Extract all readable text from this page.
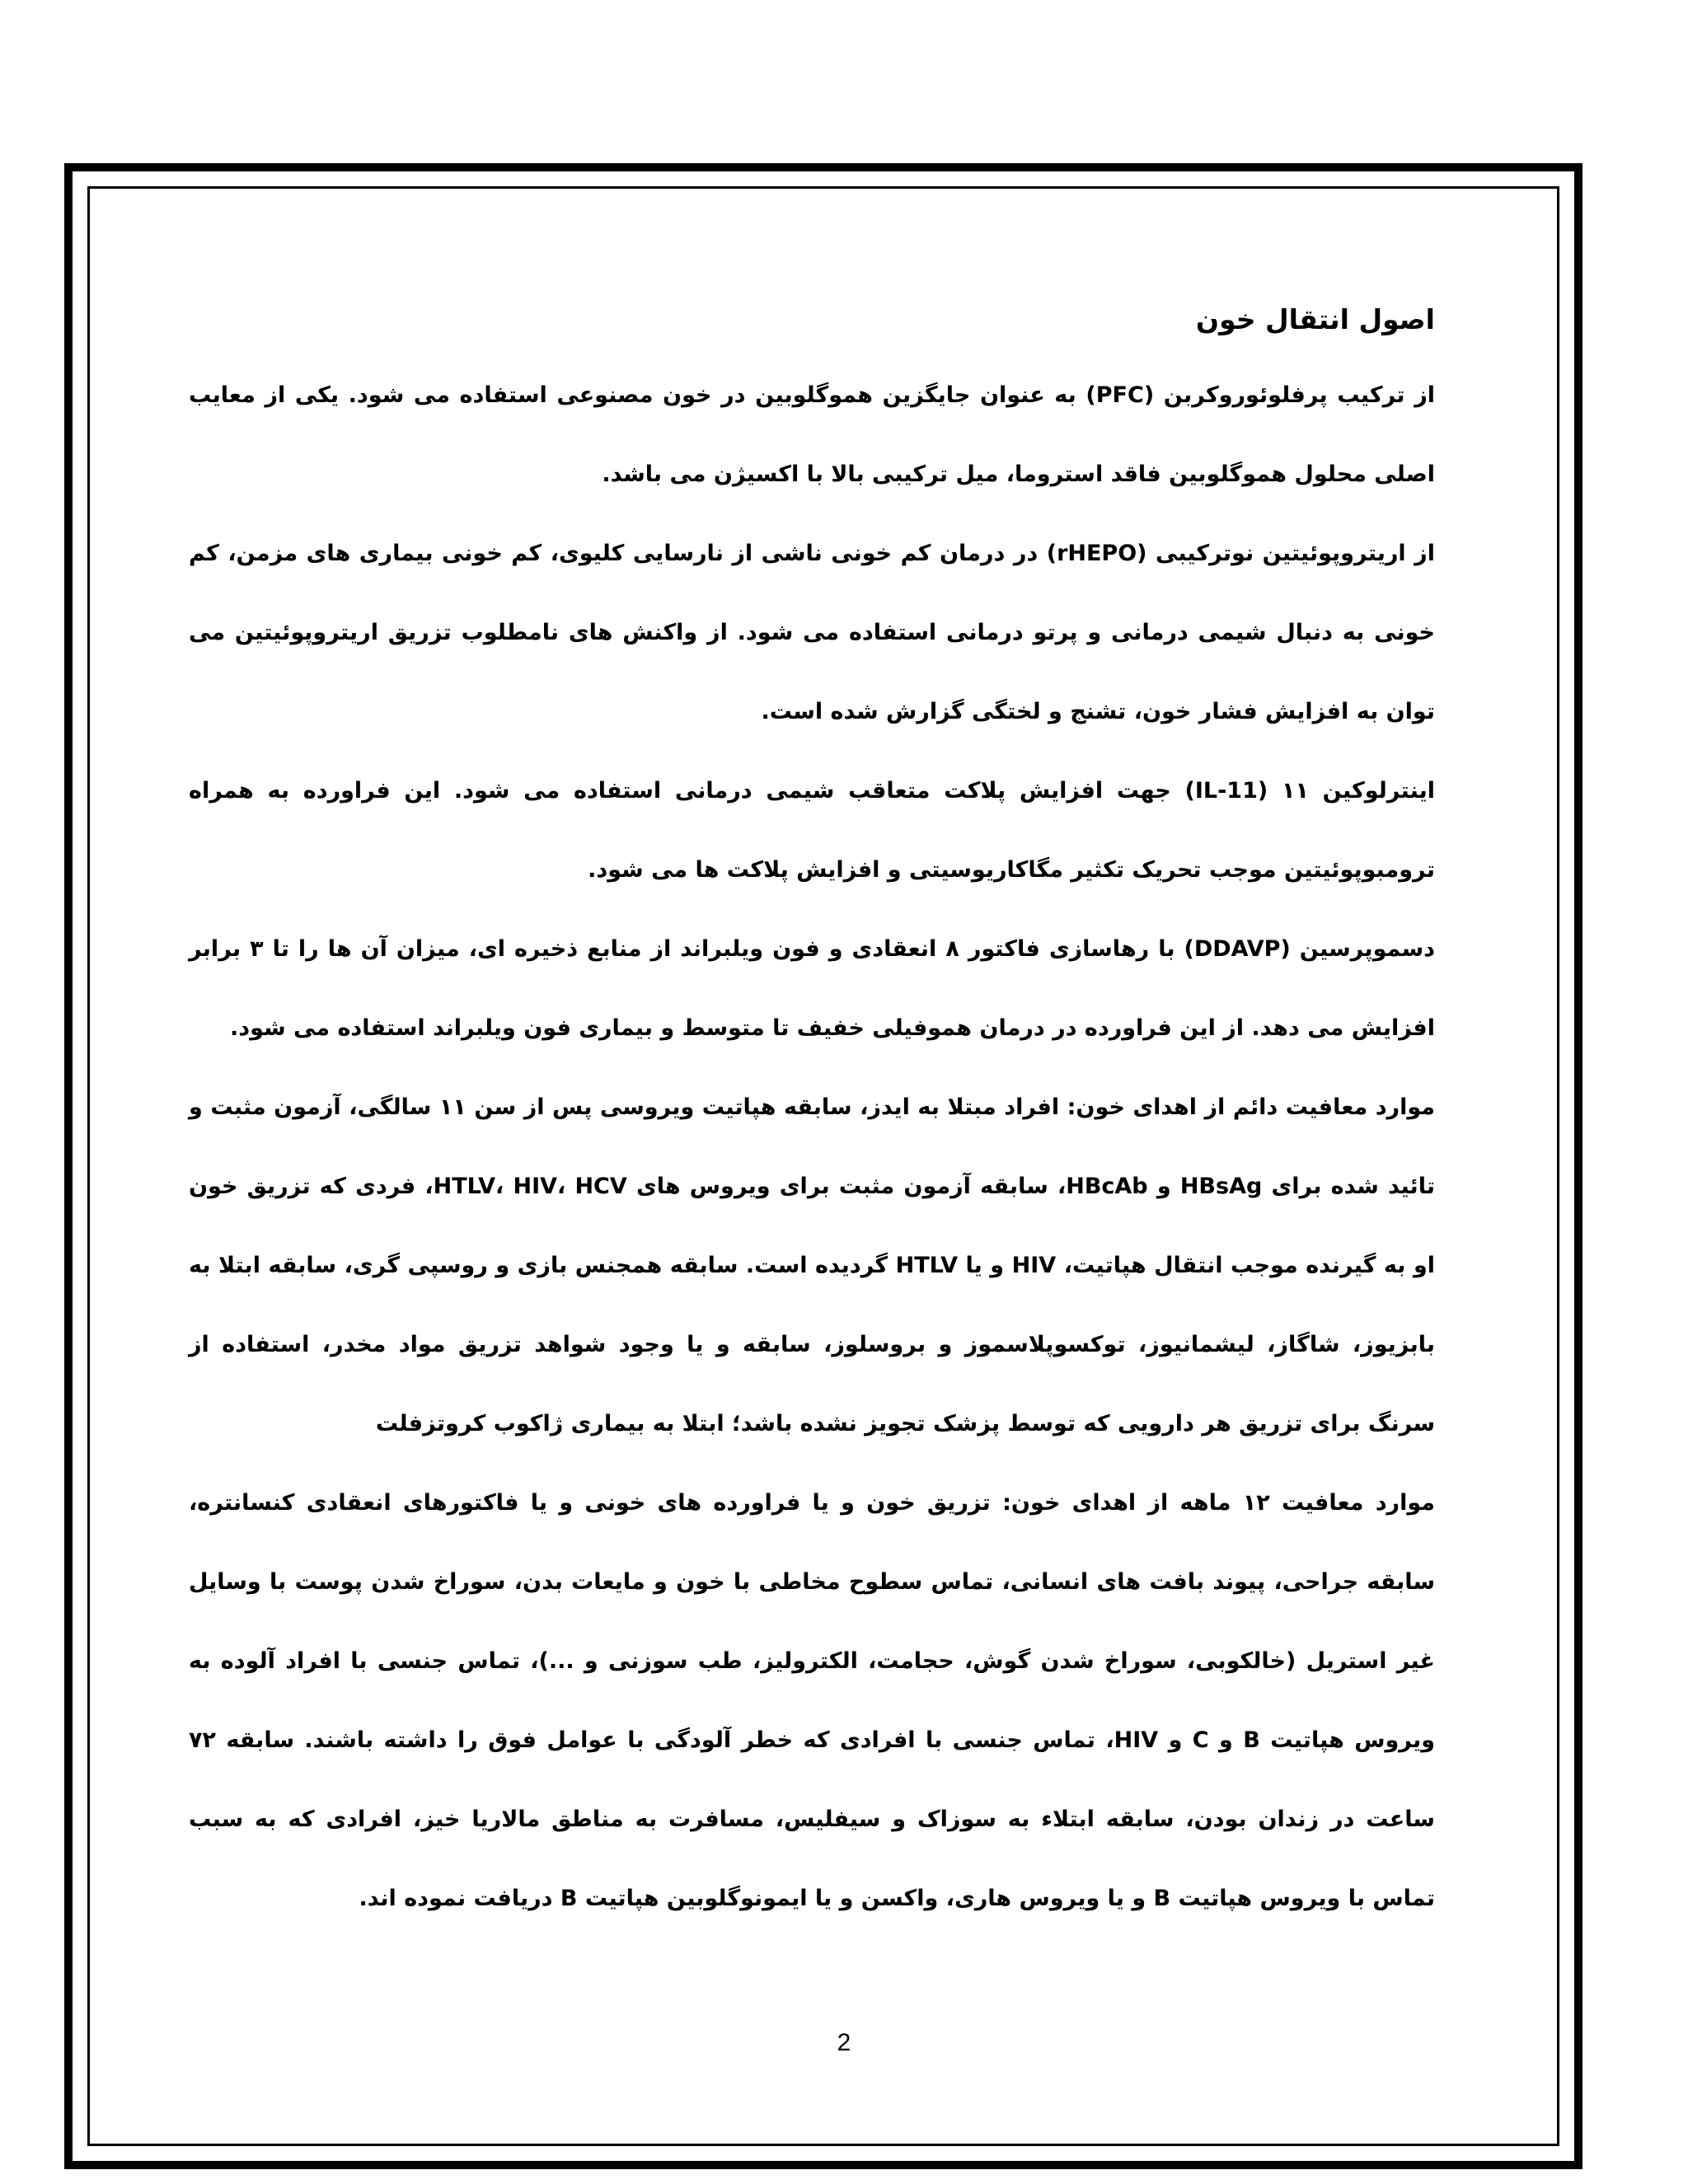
اصول انتقال خون

از ترکیب پرفلوئوروکربن (PFC) به عنوان جایگزین هموگلوبین در خون مصنوعی استفاده می شود. یکی از معایب اصلی محلول هموگلوبین فاقد استروما، میل ترکیبی بالا با اکسیژن می باشد.

از اریتروپوئیتین نوترکیبی (rHEPO) در درمان کم خونی ناشی از نارسایی کلیوی، کم خونی بیماری های مزمن، کم خونی به دنبال شیمی درمانی و پرتو درمانی استفاده می شود. از واکنش های نامطلوب تزریق اریتروپوئیتین می توان به افزایش فشار خون، تشنج و لختگی گزارش شده است.

اینترلوکین ۱۱ (IL-11) جهت افزایش پلاکت متعاقب شیمی درمانی استفاده می شود. این فراورده به همراه ترومبوپوئیتین موجب تحریک تکثیر مگاکاریوسیتی و افزایش پلاکت ها می شود.

دسموپرسین (DDAVP) با رهاسازی فاکتور ۸ انعقادی و فون ویلبراند از منابع ذخیره ای، میزان آن ها را تا ۳ برابر افزایش می دهد. از این فراورده در درمان هموفیلی خفیف تا متوسط و بیماری فون ویلبراند استفاده می شود.

موارد معافیت دائم از اهدای خون: افراد مبتلا به ایدز، سابقه هپاتیت ویروسی پس از سن ۱۱ سالگی، آزمون مثبت و تائید شده برای HBsAg و HBcAb، سابقه آزمون مثبت برای ویروس های HTLV، HIV، HCV، فردی که تزریق خون او به گیرنده موجب انتقال هپاتیت، HIV و یا HTLV گردیده است. سابقه همجنس بازی و روسپی گری، سابقه ابتلا به بابزیوز، شاگاز، لیشمانیوز، توکسوپلاسموز و بروسلوز، سابقه و یا وجود شواهد تزریق مواد مخدر، استفاده از سرنگ برای تزریق هر دارویی که توسط پزشک تجویز نشده باشد؛ ابتلا به بیماری ژاکوب کروتزفلت

موارد معافیت ۱۲ ماهه از اهدای خون: تزریق خون و یا فراورده های خونی و یا فاکتورهای انعقادی کنسانتره، سابقه جراحی، پیوند بافت های انسانی، تماس سطوح مخاطی با خون و مایعات بدن، سوراخ شدن پوست با وسایل غیر استریل (خالکوبی، سوراخ شدن گوش، حجامت، الکترولیز، طب سوزنی و ...)، تماس جنسی با افراد آلوده به ویروس هپاتیت B و C و HIV، تماس جنسی با افرادی که خطر آلودگی با عوامل فوق را داشته باشند. سابقه ۷۲ ساعت در زندان بودن، سابقه ابتلاء به سوزاک و سیفلیس، مسافرت به مناطق مالاریا خیز، افرادی که به سبب تماس با ویروس هپاتیت B و یا ویروس هاری، واکسن و یا ایمونوگلوبین هپاتیت B دریافت نموده اند.

2
